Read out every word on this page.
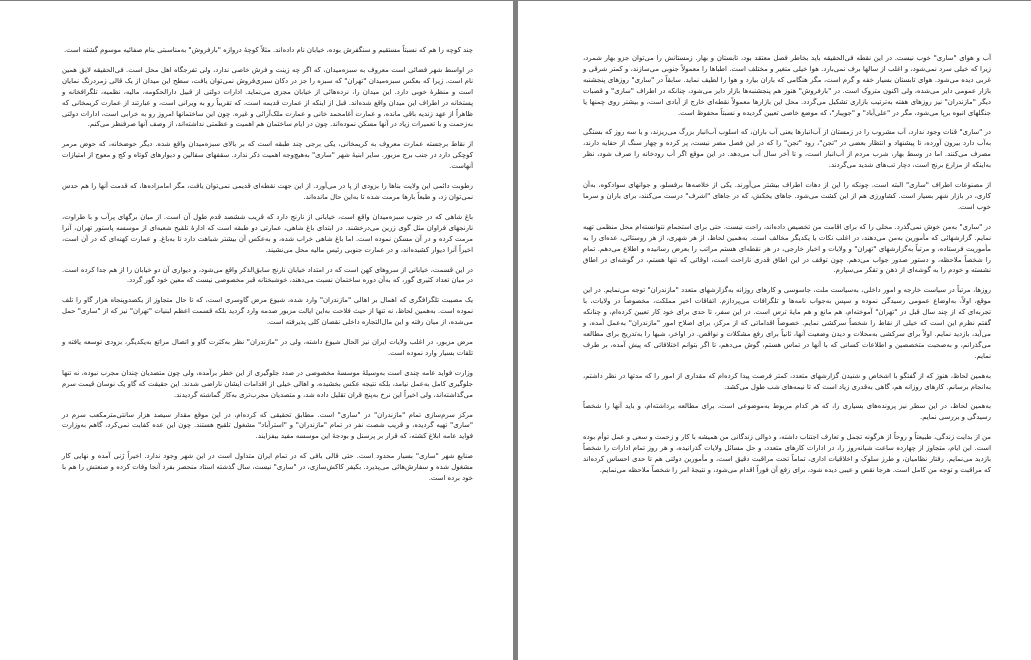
چند کوچه را هم که نسبتاً مستقیم و سنگفرش بوده، خیابان نام داده‌اند. مثلاً کوچهٔ دروازه "بارفروش" به‌مناسبتی بنام صفائیه موسوم گشته است.

در اواسط شهر فضائی است معروف به سبزه‌میدان، که اگر چه زینت و فرش خاصی ندارد، ولی تفرجگاه اهل محل است. فی‌الحقیقه لایق همین نام است. زیرا که بعکس سبزه‌میدان "تهران" که سبزه را جز در دکان سبزی‌فروش نمی‌توان یافت، سطح این میدان از یک قالی زمرد‌رنگ نمایان است و منظرهٔ خوبی دارد. این میدان را، نرده‌هائی از خیابان مجزی می‌نماید. ادارات دولتی از قبیل دارالحکومه، مالیه، نظمیه، تلگرافخانه و پستخانه در اطراف این میدان واقع شده‌اند. قبل از اینکه از عمارت قدیمه است، که تقریباً رو به ویرانی است، و عبارتند از عمارت کریمخانی که ظاهراً از عهد زندیه باقی مانده، و عمارت آغامحمد خانی و عمارت ملک‌آرائی و غیره. چون این ساختمانها امروز رو به خرابی است، ادارات دولتی به‌زحمت و با تعمیرات زیاد در آنها مسکن نموده‌اند. چون در ایام ساختمان هم اهمیت و عظمتی نداشته‌اند، از وصف آنها صرفنظر می‌کنم.

از نقاط برجسته عمارت معروف به کریمخانی، یکی برجی چند طبقه است که بر بالای سبزه‌میدان واقع شده. دیگر حوضخانه، که حوض مرمر کوچکی دارد در جنب برج مزبور. سایر ابنیهٔ شهر "ساری" به‌هیچ‌وجه اهمیت ذکر ندارد. سقفهای سفالین و دیوارهای کوتاه و کج و معوج از امتیازات آنهاست.

رطوبت دائمی این ولایت بناها را بزودی از پا در می‌آورد. از این جهت نقطه‌ای قدیمی نمی‌توان یافت، مگر امامزاده‌ها، که قدمت آنها را هم حدس نمی‌توان زد، و طبعاً بارها مرمت شده تا به‌این حال مانده‌اند.

باغ شاهی که در جنوب سبزه‌میدان واقع است، خیابانی از نارنج دارد که قریب ششصد قدم طول آن است. از میان برگهای پرآب و با طراوت، نارنجهای فراوان مثل گوی زرین می‌درخشند. در ابتدای باغ شاهی، عمارتی دو طبقه است که ادارهٔ تلقیح شعبه‌ای از موسسه پاستور تهران، آنرا مرمت کرده و در آن مسکن نموده است. اما باغ شاهی خراب شده، و به‌عکس آن بیشتر شباهت دارد تا به‌باغ. و عمارت کهنه‌ای که در آن است، اخیراً آنرا دیوار کشیده‌اند، و در عمارت جنوبی رئیس مالیه محل می‌نشیند.

در این قسمت، خیابانی از سروهای کهن است که در امتداد خیابان نارنج سابق‌الذکر واقع می‌شود، و دیواری آن دو خیابان را از هم جدا کرده است. در میان تعداد کثیری گور، که به‌آن دوره ساختمان نسبت می‌دهند، خوشبختانه قبر مخصوصی نیست که معین خود گور گردد.

یک مصیبت تلگرافگری که اهمال بر اهالی "مازندران" وارد شده، شیوع مرض گاوسری است، که تا حال متجاوز از یکصدوپنجاه هزار گاو را تلف نموده است. به‌همین لحاظ، نه تنها از حیث فلاحت به‌این ایالت مزبور صدمه وارد گردید بلکه قسمت اعظم لبنیات "تهران" نیز که از "ساری" حمل می‌شده، از میان رفته و این مال‌التجاره داخلی نقصان کلی پذیرفته است.

مرض مزبور، در اغلب ولایات ایران نیز الحال شیوع داشته، ولی در "مازندران" نظر به‌کثرت گاو و اتصال مراتع به‌یکدیگر، بزودی توسعه یافته و تلفات بسیار وارد نموده است.

وزارت فواید عامه چندی است به‌وسیلهٔ موسسهٔ مخصوصی در صدد جلوگیری از این خطر برآمده، ولی چون متصدیان چندان مجرب نبوده، نه تنها جلوگیری کامل به‌عمل نیامد، بلکه نتیجه عکس بخشیده، و اهالی خیلی از اقدامات ایشان ناراضی شدند. این حقیقت که گاو یک نوسان قیمت سرم می‌گذاشته‌اند، ولی اخیراً این نرخ به‌پنج قران تقلیل داده شد، و متصدیان مجرب‌تری به‌کار گماشته گردیدند.

مرکز سرم‌سازی تمام "مازندران" در "ساری" است. مطابق تحقیقی که کرده‌ام، در این موقع مقدار سیصد هزار سانتی‌متر‌مکعب سرم در "ساری" تهیه گردیده، و قریب شصت نفر در تمام "مازندران" و "استرآباد" مشغول تلقیح هستند. چون این عده کفایت نمی‌کرد، گاهم به‌وزارت فواید عامه ابلاغ کشته، که قرار بر پرسنل و بودجهٔ این موسسه مفید بیفزایند.

صنایع شهر "ساری" بسیار محدود است. حتی قالی بافی که در تمام ایران متداول است در این شهر وجود ندارد. اخیراً ژنی آمده و نهایی کار مشغول شده و سفارش‌هائی می‌پذیرد. بکیفر کاکش‌سازی، در "ساری" نیست، سال گذشته استاد منحصر بفرد آنجا وفات کرده و صنعتش را هم با خود برده است.

آب و هوای "ساری" خوب نیست. در این نقطه فی‌الحقیقه باید بخاطر فصل معتقد بود، تابستان و بهار. زمستانش را می‌توان جزو بهار شمرد، زیرا که خیلی سرد نمی‌شود، و اغلب از سالها برف نمی‌بارد. هوا خیلی متغیر و مختلف است. اطبا‌ها را معمولاً جنوبی می‌سازند، و کمتر شرقی و غربی دیده می‌شود. هوای تابستان بسیار خفه و گرم است، مگر هنگامی که باران بیارد و هوا را لطیف نماید. سابقاً در "ساری" روزهای پنجشنبه بازار عمومی دایر می‌شده، ولی اکنون متروک است. در "بارفروش" هنوز هم پنجشنبه‌ها بازار دایر می‌شود، چنانکه در اطراف "ساری" و قصبات دیگر "مازندران" نیز روزهای هفته به‌ترتیب بازاری تشکیل می‌گردد. محل این بازارها معمولاً نقطه‌ای خارج از آبادی است، و بیشتر روی چمنها یا جنگلهای انبوه برپا می‌شود، مگر در "علی‌آباد" و "جویبار"، که موضع خاصی تعیین گردیده و نسبتاً محفوظ است.

در "ساری" قنات وجود ندارد، آب مشروب را در زمستان از آب‌انبارها یعنی آب باران، که اسلوب آب‌انبار بزرگ می‌ریزند، و یا سه روز که بستگی به‌آب دارد بیرون آورده، تا پیشنهاد و انتظار بعضی در "تجن"، رود "تجن" را که در این فصل مضر نیست، پر کرده و چهار سنگ از حفایه دارند، مصرف می‌کنند. اما در وسط بهار، شرب مردم از آب‌انبار است، و تا آخر سال آب می‌دهد. در این موقع اگر آب رودخانه را صرف شود، نظر به‌اینکه از مزارع برنج است، دچار تب‌های شدید می‌گردند.

از مصنوعات اطراف "ساری" البته است. چونکه را این از دهات اطراف بیشتر می‌آورند. یکی از خلاصه‌ها برفسلو، و جوانهای سوادکوه، به‌آن کاری، در بازار شهر بسیار است. کشاورزی هم از این کشت می‌شود. جاهای یخکش، که در جاهای "اشرف" درست می‌کنند، برای باران و سرما خوب است.

در "ساری" به‌من خوش نمی‌گذرد. محلی را که برای اقامت من تخصیص داده‌اند، راحت نیست. حتی برای استحمام نتوانسته‌ام محل منظمی تهیه نمایم. گزارشهائی که مأمورین به‌من می‌دهند، در اغلب نکات با یکدیگر مخالف است. به‌همین لحاظ، از هر شهری، از هر روستائی، عده‌ای را به مأموریت فرستاده، و مرتباً به‌گزارشهای "تهران" و ولایات و اخبار خارجی، در هر نقطه‌ای هستم مراتب را بعرض رسانیده و اطلاع می‌دهم. تمام را شخصاً ملاحظه، و دستور صدور جواب می‌دهم. چون توقف در این اطاق قدری ناراحت است، اوقاتی که تنها هستم، در گوشه‌ای در اطاق نشسته و خودم را به‌ گوشه‌ای از ذهن و تفکر می‌سپارم.

روزها، مرتباً در سیاست خارجه و امور داخلی، به‌سیاست ملت، جاسوسی و کارهای روزانه به‌گزارشهای متعدد "مازندران" توجه می‌نمایم. در این موقع، اولاً، به‌اوضاع عمومی رسیدگی نموده و سپس به‌جواب نامه‌ها و تلگرافات می‌پردازم. اتفاقات اخیر مملکت، مخصوصاً در ولایات، با تجربه‌ای که از چند سال قبل در "تهران" آموخته‌ام، هم مانع و هم مایهٔ ترس است. در این سفر، تا حدی برای خود کار تعیین کرده‌ام، و چنانکه گفتم نظرم این است که خیلی از نقاط را شخصاً سرکشی نمایم. خصوصاً اقداماتی که از مرکز، برای اصلاح امور "مازندران" به‌عمل آمده، و می‌آید، بازدید نمایم. اولاً برای سرکشی به‌محلات و دیدن وضعیت آنها، ثانیاً برای رفع مشکلات و نواقص. در اواخر، شبها را به‌تدریج برای مطالعه می‌گذرانم، و به‌صحبت متخصصین و اطلاعات کسانی که با آنها در تماس هستم، گوش می‌دهم، تا اگر بتوانم اختلافاتی که پیش آمده، بر طرف نمایم.

به‌همین لحاظ، هنوز که از گفتگو با اشخاص و شنیدن گزارشهای متعدد، کمتر فرصت پیدا کرده‌ام که مقداری از امور را که مدتها در نظر داشتم، به‌انجام برسانم. کارهای روزانه هم، گاهی به‌قدری زیاد است که تا نیمه‌های شب طول می‌کشد.

به‌همین لحاظ، در این سطر نیز پرونده‌های بسیاری را، که هر کدام مربوط به‌موضوعی است، برای مطالعه برداشته‌ام، و باید آنها را شخصاً رسیدگی و بررسی نمایم.

من از بدایت زندگی، طبیعتاً و روحاً از هرگونه تجمل و تعارف اجتناب داشته، و ذوالی زندگانی من همیشه با کار و زحمت و سعی و عمل توأم بوده است. این ایام، متجاوز از چهارده ساعت شبانه‌روز را، در ادارات کارهای متعدد، و حل مسائل ولایات گذرانیده، و هر روز تمام ادارات را شخصاً بازدید می‌نمایم. رفتار نظامیان، و طرز سلوک و اخلاقیات اداری، تماماً تحت مراقبت دقیق است، و مأمورین دولتی هم تا حدی احساس کرده‌اند که مراقبت و توجه من کامل است. هرجا نقص و عیبی دیده شود، برای رفع آن فوراً اقدام می‌شود، و نتیجهٔ امر را شخصاً ملاحظه می‌نمایم.
